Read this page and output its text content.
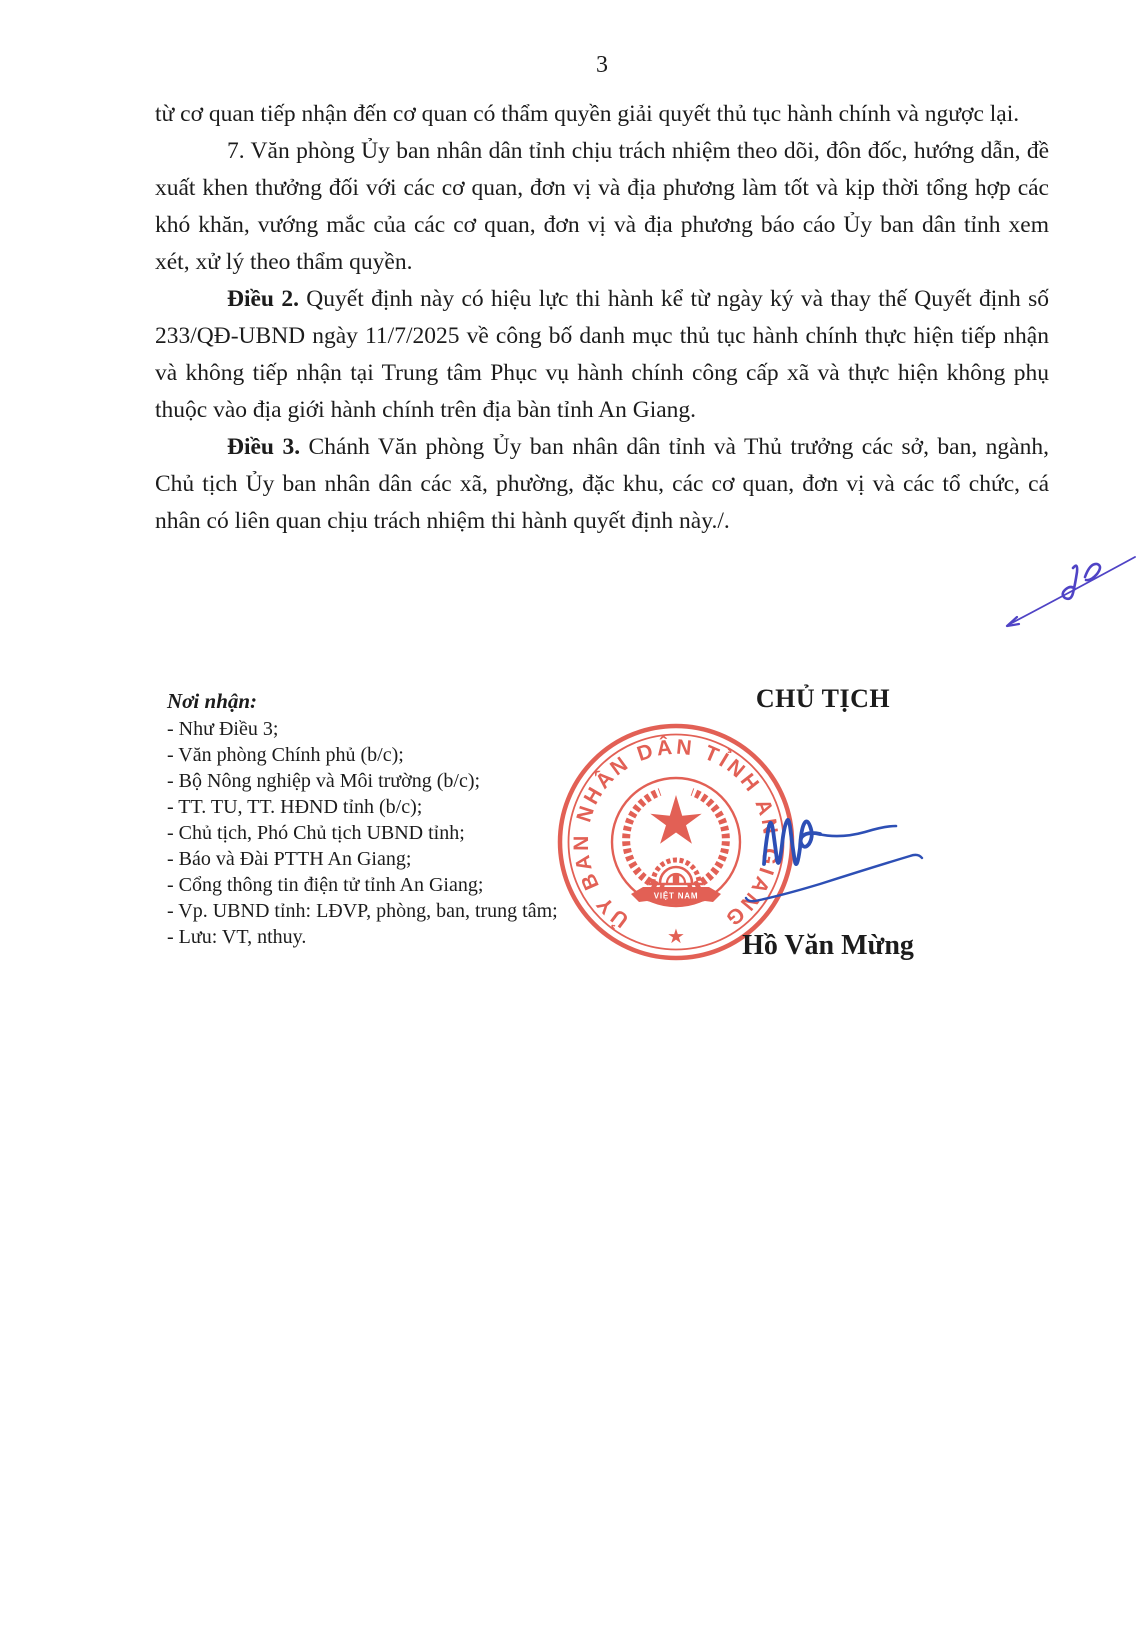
3

từ cơ quan tiếp nhận đến cơ quan có thẩm quyền giải quyết thủ tục hành chính và ngược lại.

7. Văn phòng Ủy ban nhân dân tỉnh chịu trách nhiệm theo dõi, đôn đốc, hướng dẫn, đề xuất khen thưởng đối với các cơ quan, đơn vị và địa phương làm tốt và kịp thời tổng hợp các khó khăn, vướng mắc của các cơ quan, đơn vị và địa phương báo cáo Ủy ban dân tỉnh xem xét, xử lý theo thẩm quyền.

Điều 2. Quyết định này có hiệu lực thi hành kể từ ngày ký và thay thế Quyết định số 233/QĐ-UBND ngày 11/7/2025 về công bố danh mục thủ tục hành chính thực hiện tiếp nhận và không tiếp nhận tại Trung tâm Phục vụ hành chính công cấp xã và thực hiện không phụ thuộc vào địa giới hành chính trên địa bàn tỉnh An Giang.

Điều 3. Chánh Văn phòng Ủy ban nhân dân tỉnh và Thủ trưởng các sở, ban, ngành, Chủ tịch Ủy ban nhân dân các xã, phường, đặc khu, các cơ quan, đơn vị và các tổ chức, cá nhân có liên quan chịu trách nhiệm thi hành quyết định này./.

Nơi nhận:
- Như Điều 3;
- Văn phòng Chính phủ (b/c);
- Bộ Nông nghiệp và Môi trường (b/c);
- TT. TU, TT. HĐND tỉnh (b/c);
- Chủ tịch, Phó Chủ tịch UBND tỉnh;
- Báo và Đài PTTH An Giang;
- Cổng thông tin điện tử tỉnh An Giang;
- Vp. UBND tỉnh: LĐVP, phòng, ban, trung tâm;
- Lưu: VT, nthuy.
CHỦ TỊCH
ỦY BAN NHÂN DÂN TỈNH AN GIANG
★
VIỆT NAM
Hồ Văn Mừng
